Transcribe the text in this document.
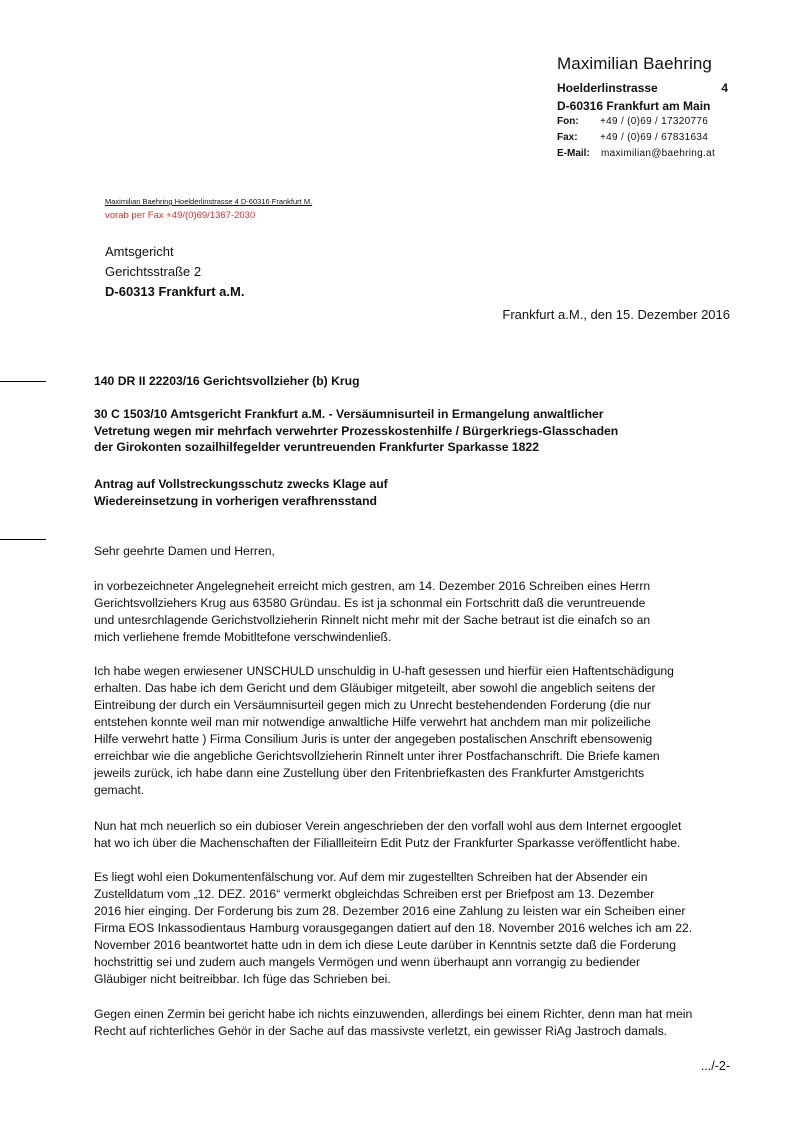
Maximilian Baehring
Hoelderlinstrasse	4
D-60316 Frankfurt am Main
Fon:	+49 / (0)69 / 17320776
Fax:	+49 / (0)69 / 67831634
E-Mail:	maximilian@baehring.at
Maximilian Baehring Hoelderlinstrasse 4 D-60316 Frankfurt M.
vorab per Fax +49/(0)69/1367-2030
Amtsgericht
Gerichtsstraße 2
D-60313 Frankfurt a.M.
Frankfurt a.M., den 15. Dezember 2016
140 DR II 22203/16 Gerichtsvollzieher (b) Krug
30 C 1503/10 Amtsgericht Frankfurt a.M. - Versäumnisurteil in Ermangelung anwaltlicher
Vetretung wegen mir mehrfach verwehrter Prozesskostenhilfe / Bürgerkriegs-Glasschaden
der Girokonten sozailhilfegelder veruntreuenden Frankfurter Sparkasse 1822
Antrag auf Vollstreckungsschutz zwecks Klage auf
Wiedereinsetzung in vorherigen verafhrensstand
Sehr geehrte Damen und Herren,
in vorbezeichneter Angelegneheit erreicht mich gestren, am 14. Dezember 2016 Schreiben eines Herrn
Gerichtsvollziehers Krug aus 63580 Gründau. Es ist ja schonmal ein Fortschritt daß die veruntreuende
und untesrchlagende Gerichstvollzieherin Rinnelt nicht mehr mit der Sache betraut ist die einafch so an
mich verliehene fremde Mobitltefone verschwindenließ.
Ich habe wegen erwiesener UNSCHULD unschuldig in U-haft gesessen und hierfür eien Haftentschädigung
erhalten. Das habe ich dem Gericht und dem Gläubiger mitgeteilt, aber sowohl die angeblich seitens der
Eintreibung der durch ein Versäumnisurteil gegen mich zu Unrecht bestehendenden Forderung (die nur
entstehen konnte weil man mir notwendige anwaltliche Hilfe verwehrt hat anchdem man mir polizeiliche
Hilfe verwehrt hatte ) Firma Consilium Juris is unter der angegeben postalischen Anschrift ebensowenig
erreichbar wie die angebliche Gerichtsvollzieherin Rinnelt unter ihrer Postfachanschrift. Die Briefe kamen
jeweils zurück, ich habe dann eine Zustellung über den Fritenbriefkasten des Frankfurter Amstgerichts
gemacht.
Nun hat mch neuerlich so ein dubioser Verein angeschrieben der den vorfall wohl aus dem Internet ergooglet
hat wo ich über die Machenschaften der Filiallleiteirn Edit Putz der Frankfurter Sparkasse veröffentlicht habe.
Es liegt wohl eien Dokumentenfälschung vor. Auf dem mir zugestellten Schreiben hat der Absender ein
Zustelldatum vom „12. DEZ. 2016“ vermerkt obgleichdas Schreiben erst per Briefpost am 13. Dezember
2016 hier einging. Der Forderung bis zum 28. Dezember 2016 eine Zahlung zu leisten war ein Scheiben einer
Firma EOS Inkassodientaus Hamburg vorausgegangen datiert auf den 18. November 2016 welches ich am 22.
November 2016 beantwortet hatte udn in dem ich diese Leute darüber in Kenntnis setzte daß die Forderung
hochstrittig sei und zudem auch mangels Vermögen und wenn überhaupt ann vorrangig zu bediender
Gläubiger nicht beitreibbar. Ich füge das Schrieben bei.
Gegen einen Zermin bei gericht habe ich nichts einzuwenden, allerdings bei einem Richter, denn man hat mein
Recht auf richterliches Gehör in der Sache auf das massivste verletzt, ein gewisser RiAg Jastroch damals.
.../-2-
